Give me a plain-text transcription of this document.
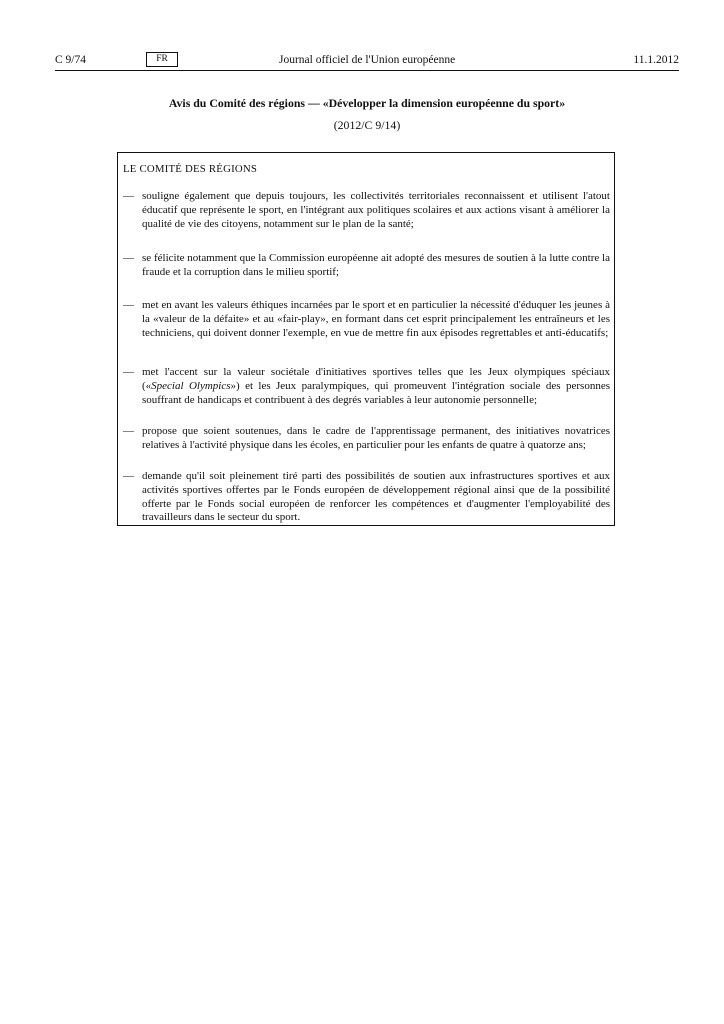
C 9/74	FR	Journal officiel de l'Union européenne	11.1.2012
Avis du Comité des régions — «Développer la dimension européenne du sport»
(2012/C 9/14)
LE COMITÉ DES RÉGIONS
— souligne également que depuis toujours, les collectivités territoriales reconnaissent et utilisent l'atout éducatif que représente le sport, en l'intégrant aux politiques scolaires et aux actions visant à améliorer la qualité de vie des citoyens, notamment sur le plan de la santé;
— se félicite notamment que la Commission européenne ait adopté des mesures de soutien à la lutte contre la fraude et la corruption dans le milieu sportif;
— met en avant les valeurs éthiques incarnées par le sport et en particulier la nécessité d'éduquer les jeunes à la «valeur de la défaite» et au «fair-play», en formant dans cet esprit principalement les entraîneurs et les techniciens, qui doivent donner l'exemple, en vue de mettre fin aux épisodes regrettables et anti-éducatifs;
— met l'accent sur la valeur sociétale d'initiatives sportives telles que les Jeux olympiques spéciaux («Special Olympics») et les Jeux paralympiques, qui promeuvent l'intégration sociale des personnes souffrant de handicaps et contribuent à des degrés variables à leur autonomie personnelle;
— propose que soient soutenues, dans le cadre de l'apprentissage permanent, des initiatives novatrices relatives à l'activité physique dans les écoles, en particulier pour les enfants de quatre à quatorze ans;
— demande qu'il soit pleinement tiré parti des possibilités de soutien aux infrastructures sportives et aux activités sportives offertes par le Fonds européen de développement régional ainsi que de la possibilité offerte par le Fonds social européen de renforcer les compétences et d'augmenter l'employabilité des travailleurs dans le secteur du sport.
